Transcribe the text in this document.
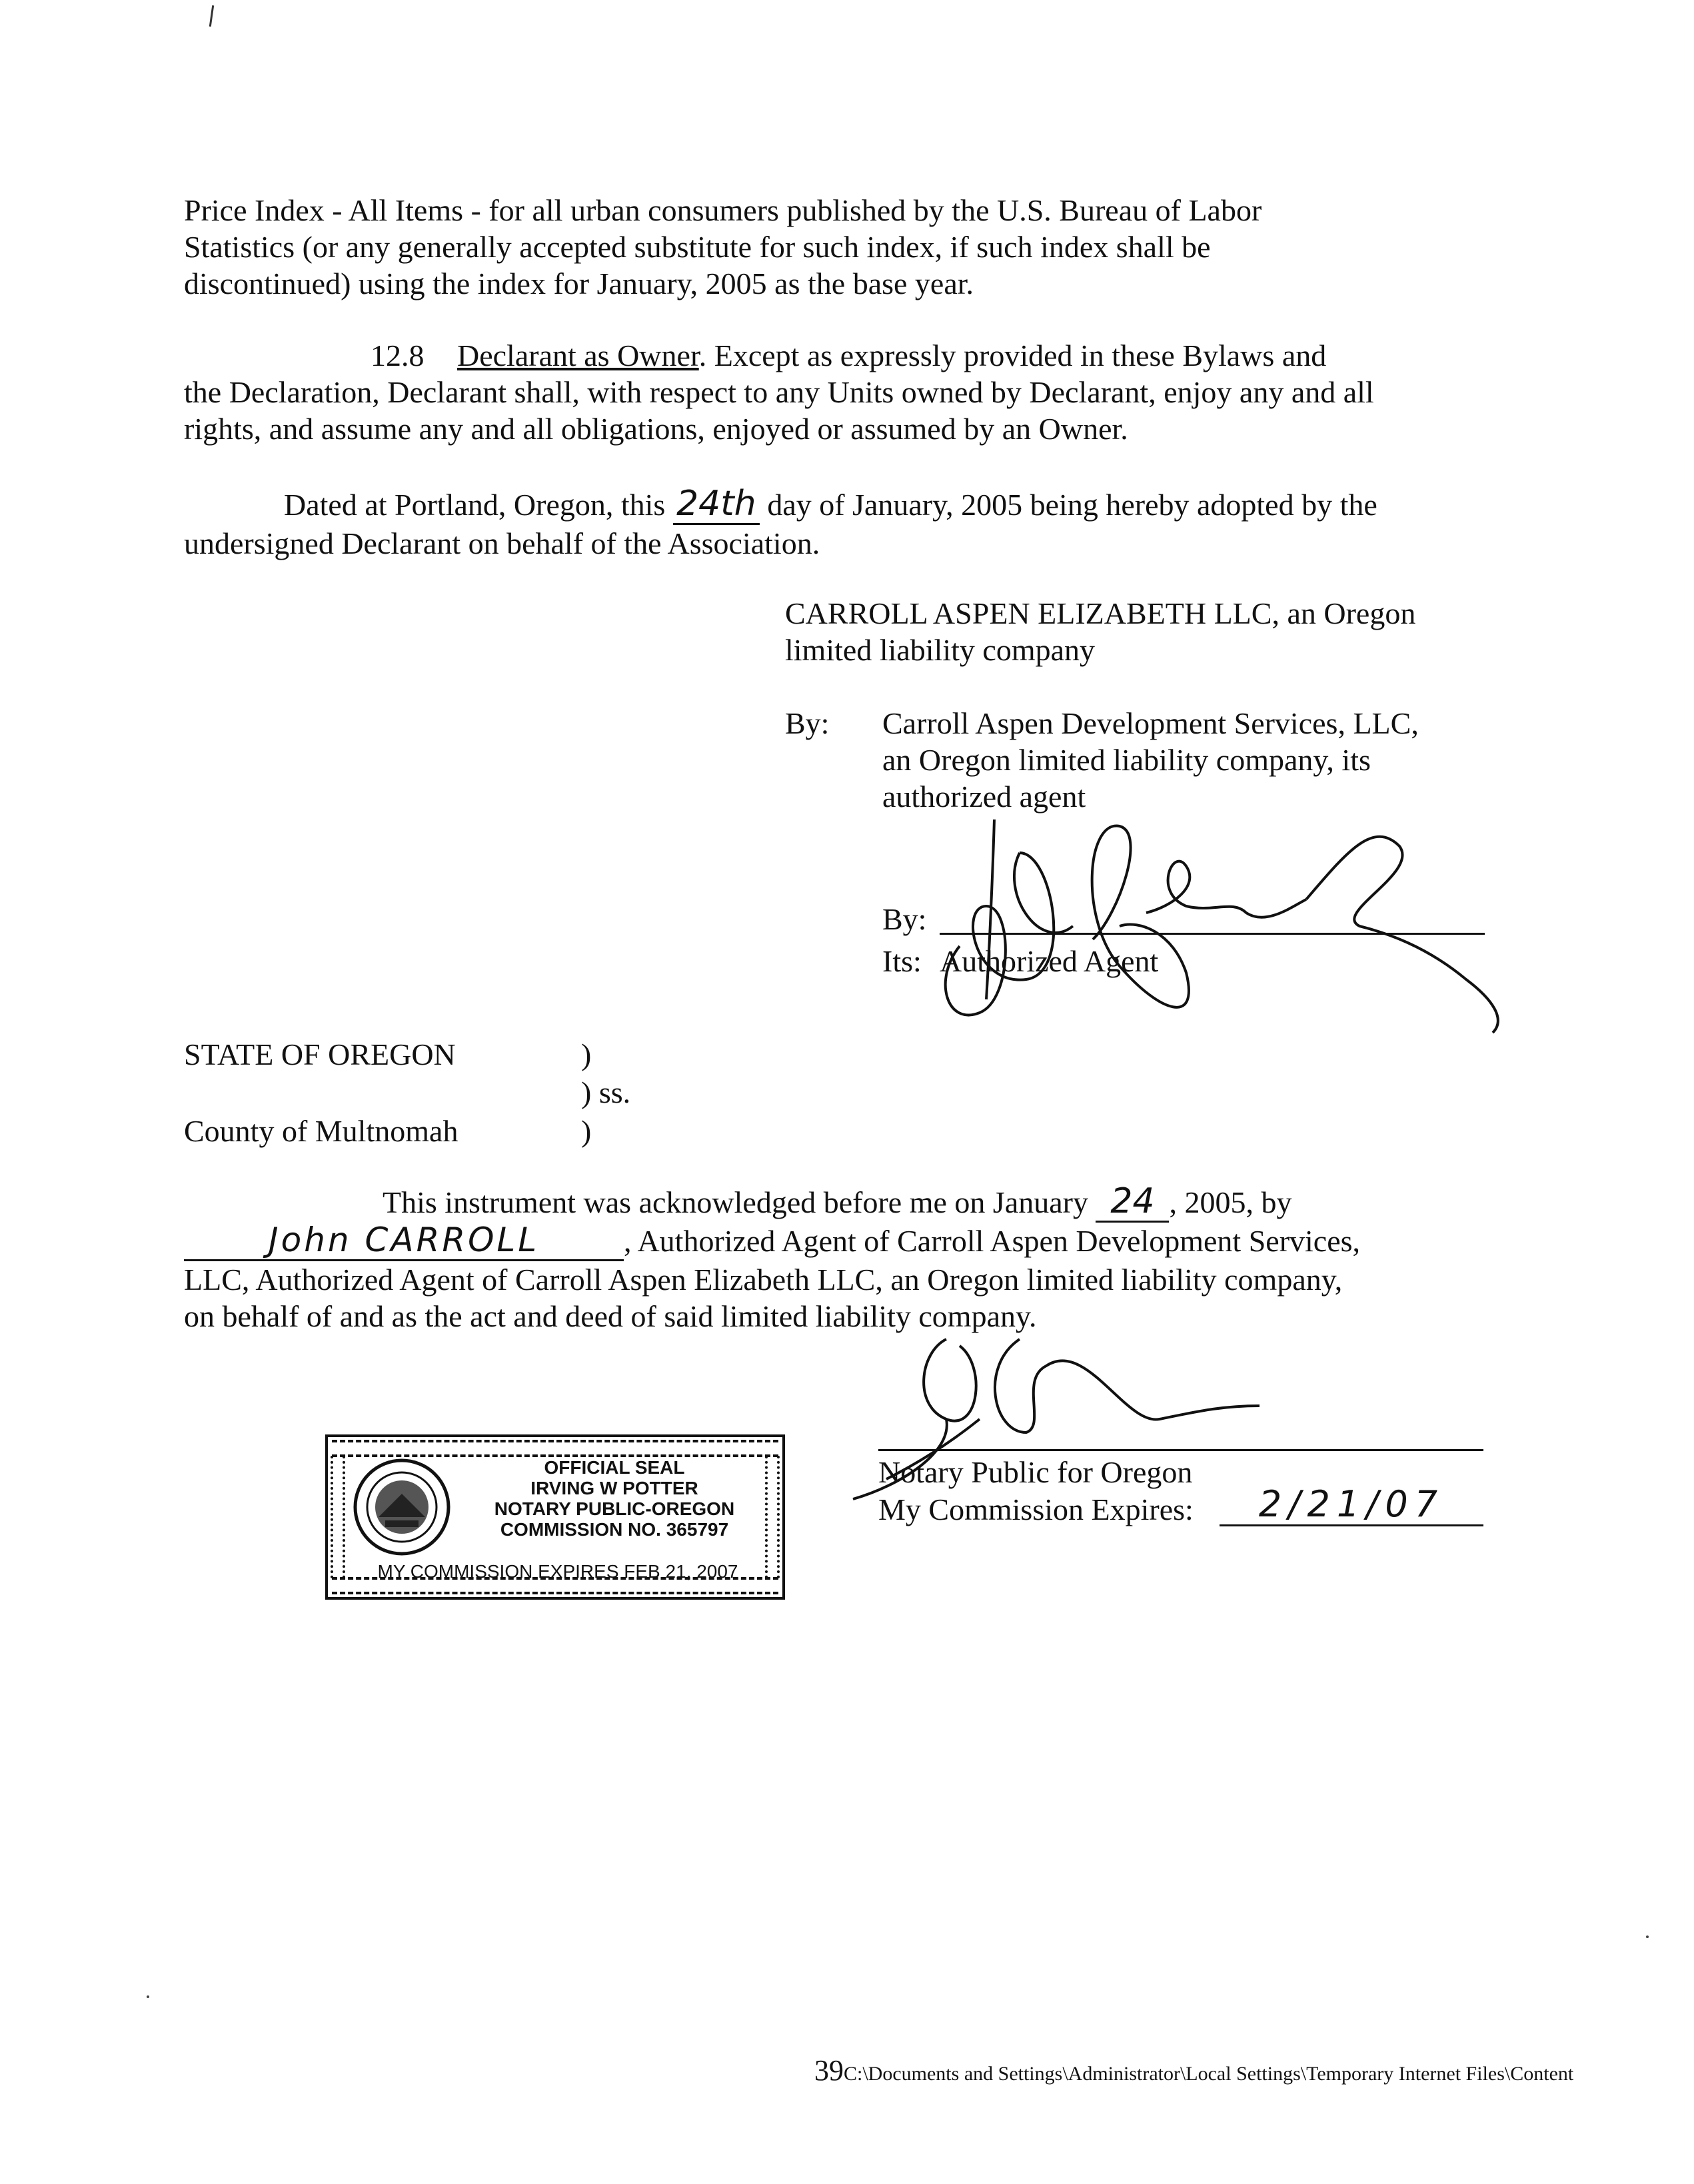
Price Index - All Items - for all urban consumers published by the U.S. Bureau of Labor
Statistics (or any generally accepted substitute for such index, if such index shall be
discontinued) using the index for January, 2005 as the base year.
12.8 Declarant as Owner. Except as expressly provided in these Bylaws and
the Declaration, Declarant shall, with respect to any Units owned by Declarant, enjoy any and all
rights, and assume any and all obligations, enjoyed or assumed by an Owner.
Dated at Portland, Oregon, this 24th day of January, 2005 being hereby adopted by the
undersigned Declarant on behalf of the Association.
CARROLL ASPEN ELIZABETH LLC, an Oregon
limited liability company
By: Carroll Aspen Development Services, LLC,
an Oregon limited liability company, its
authorized agent
By:
Its: Authorized Agent
STATE OF OREGON	)
) ss.
County of Multnomah	)
This instrument was acknowledged before me on January 24 , 2005, by
John CARROLL	, Authorized Agent of Carroll Aspen Development Services,
LLC, Authorized Agent of Carroll Aspen Elizabeth LLC, an Oregon limited liability company,
on behalf of and as the act and deed of said limited liability company.
Notary Public for Oregon
My Commission Expires:	2/21/07
OFFICIAL SEAL
IRVING W POTTER
NOTARY PUBLIC-OREGON
COMMISSION NO. 365797
MY COMMISSION EXPIRES FEB 21, 2007
39C:\Documents and Settings\Administrator\Local Settings\Temporary Internet Files\Content
